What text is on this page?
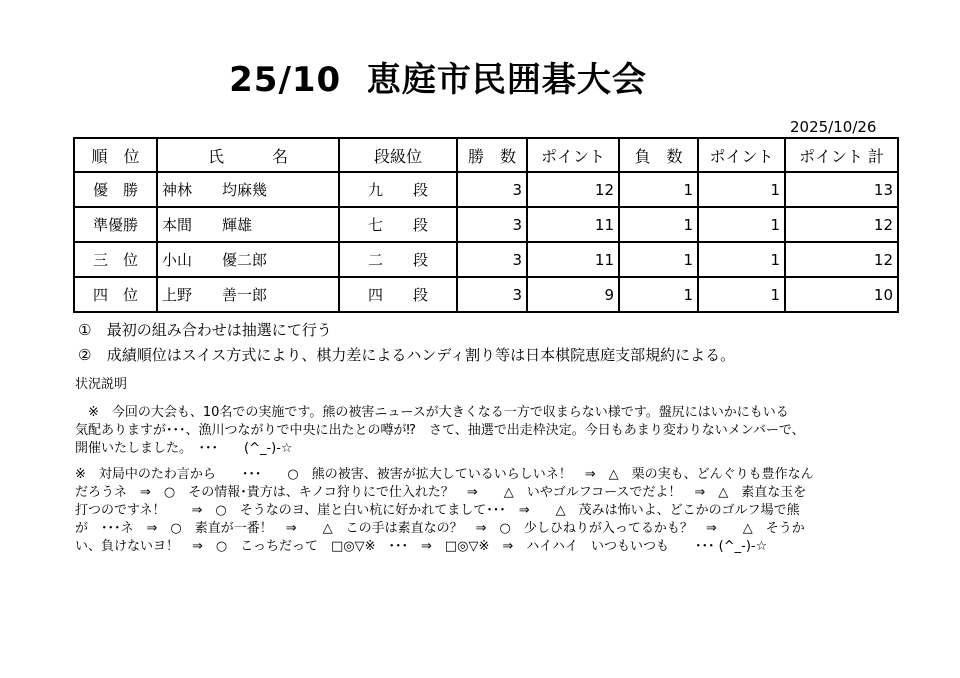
25/10  恵庭市民囲碁大会
2025/10/26
順　位	氏　　　名	段級位	勝　数	ポイント	負　数	ポイント	ポイント 計
優　勝	神林　　均麻幾	九　　段	3	12	1	1	13
準優勝	本間　　輝雄	七　　段	3	11	1	1	12
三　位	小山　　優二郎	二　　段	3	11	1	1	12
四　位	上野　　善一郎	四　　段	3	9	1	1	10
① 最初の組み合わせは抽選にて行う
② 成績順位はスイス方式により、棋力差によるハンディ割り等は日本棋院恵庭支部規約による。
状況説明
　※　今回の大会も、10名での実施です。熊の被害ニュースが大きくなる一方で収まらない様です。盤尻にはいかにもいる
気配ありますが･･･、漁川つながりで中央に出たとの噂が⁉　さて、抽選で出走枠決定。今日もあまり変わりないメンバーで、
開催いたしました。　･･･　　(^_-)-☆
※　対局中のたわ言から　　･･･　　○　熊の被害、被害が拡大しているいらしいネ！　⇒　△　栗の実も、どんぐりも豊作なん
だろうネ　⇒　○　その情報･貴方は、キノコ狩りにで仕入れた？　⇒　　△　いやゴルフコースでだよ！　⇒　△　素直な玉を
打つのですネ！　　⇒　○　そうなのヨ、崖と白い杭に好かれてまして･･･　⇒　　△　茂みは怖いよ、どこかのゴルフ場で熊
が　･･･ネ　⇒　○　素直が一番！　⇒　　△　この手は素直なの？　⇒　○　少しひねりが入ってるかも？　⇒　　△　そうか
い、負けないヨ！　⇒　○　こっちだって　□◎▽※　･･･　⇒　□◎▽※　⇒　ハイハイ　いつもいつも　　･･･ (^_-)-☆
